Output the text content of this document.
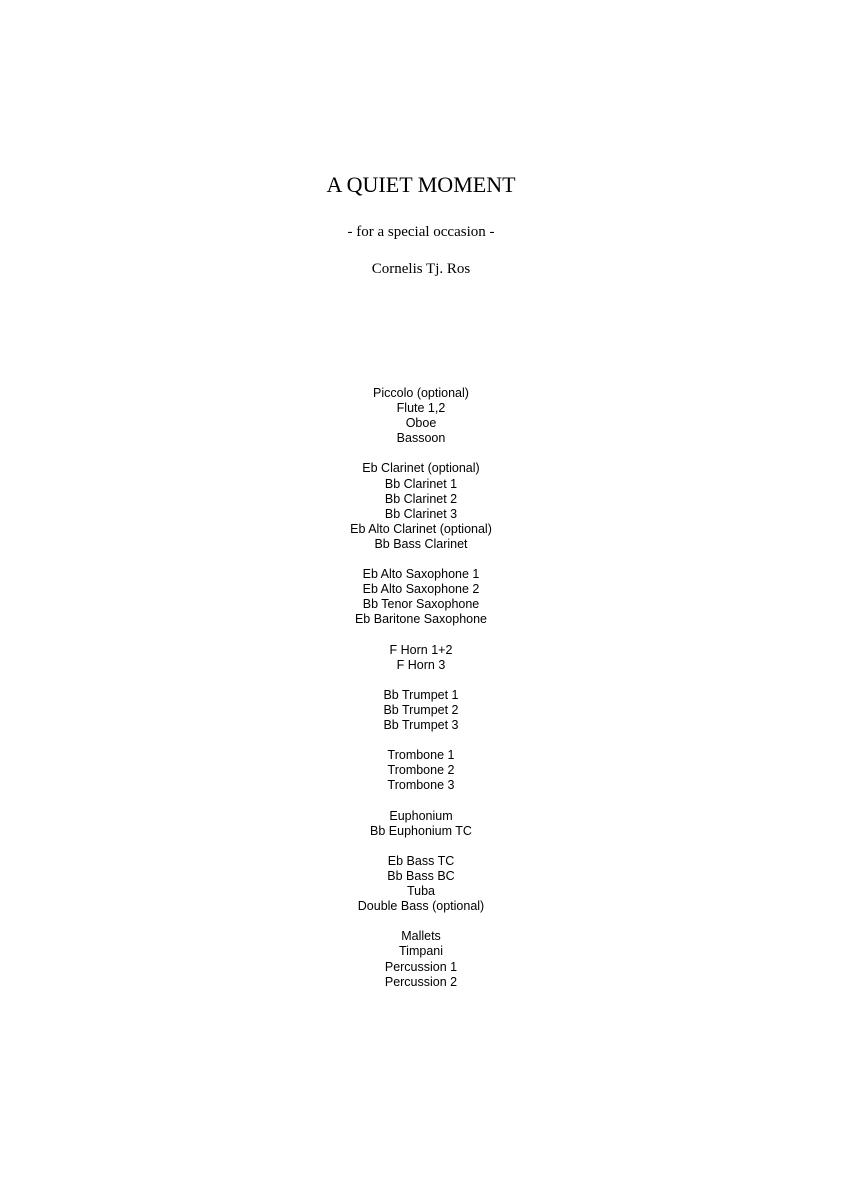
A QUIET MOMENT
- for a special occasion -
Cornelis Tj. Ros
Piccolo (optional)
Flute 1,2
Oboe
Bassoon
Eb Clarinet (optional)
Bb Clarinet 1
Bb Clarinet 2
Bb Clarinet 3
Eb Alto Clarinet (optional)
Bb Bass Clarinet
Eb Alto Saxophone 1
Eb Alto Saxophone 2
Bb Tenor Saxophone
Eb Baritone Saxophone
F Horn 1+2
F Horn 3
Bb Trumpet 1
Bb Trumpet 2
Bb Trumpet 3
Trombone 1
Trombone 2
Trombone 3
Euphonium
Bb Euphonium TC
Eb Bass TC
Bb Bass BC
Tuba
Double Bass (optional)
Mallets
Timpani
Percussion 1
Percussion 2
